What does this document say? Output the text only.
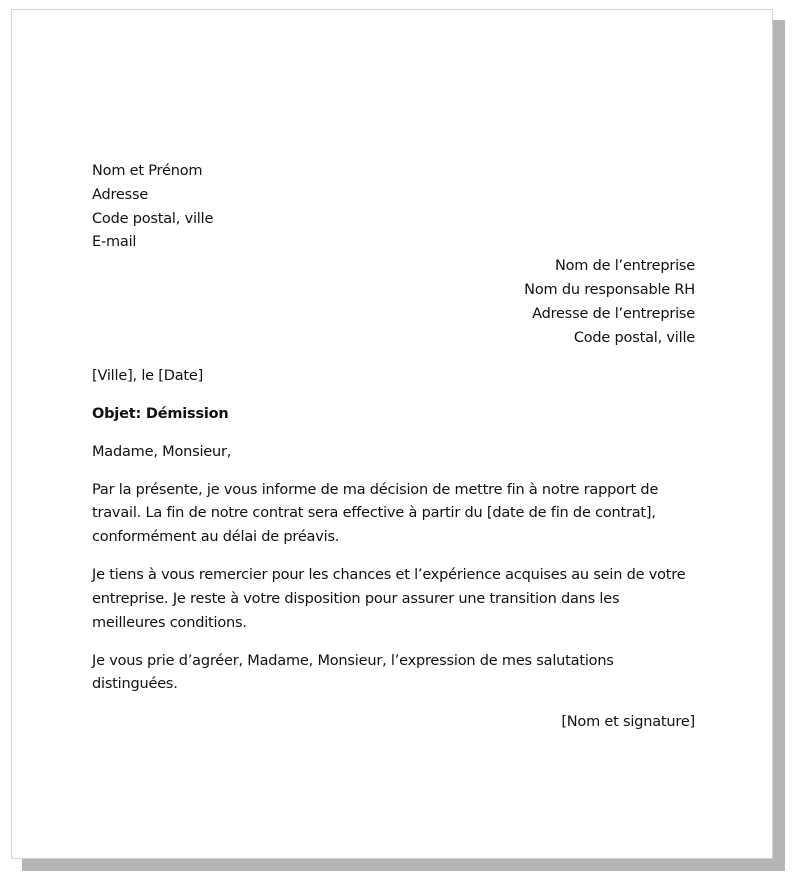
Nom et Prénom
Adresse
Code postal, ville
E-mail
Nom de l’entreprise
Nom du responsable RH
Adresse de l’entreprise
Code postal, ville

[Ville], le [Date]

Objet: Démission

Madame, Monsieur,

Par la présente, je vous informe de ma décision de mettre fin à notre rapport de travail. La fin de notre contrat sera effective à partir du [date de fin de contrat], conformément au délai de préavis.

Je tiens à vous remercier pour les chances et l’expérience acquises au sein de votre entreprise. Je reste à votre disposition pour assurer une transition dans les meilleures conditions.

Je vous prie d’agréer, Madame, Monsieur, l’expression de mes salutations distinguées.

[Nom et signature]
